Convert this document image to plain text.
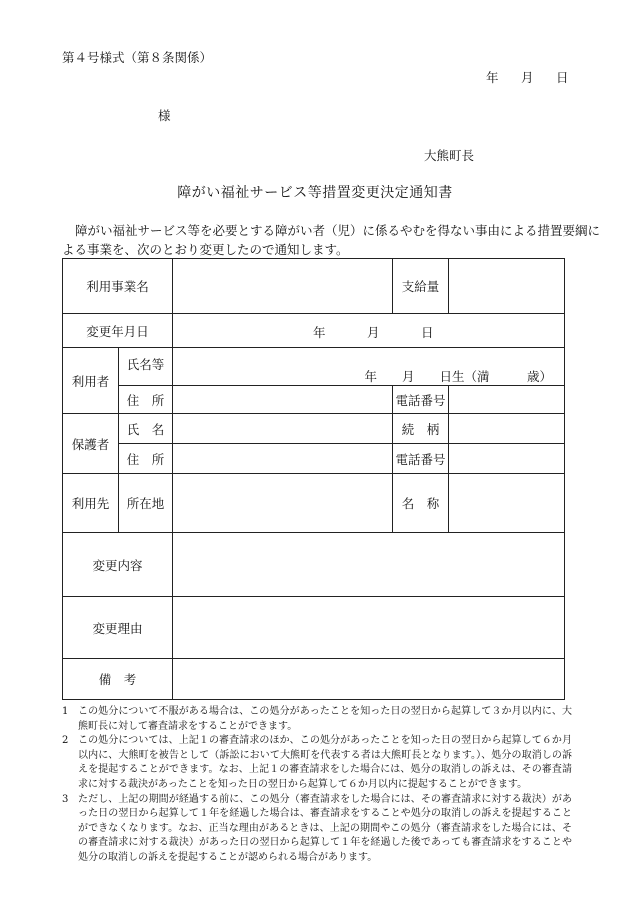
第４号様式（第８条関係）
年 月 日
様
大熊町長
障がい福祉サービス等措置変更決定通知書
障がい福祉サービス等を必要とする障がい者（児）に係るやむを得ない事由による措置要綱に
よる事業を、次のとおり変更したので通知します。
利用事業名			支給量	
変更年月日		年 月 日		

利用者	氏名等	年　　月　　日生（満　　　歳）		

	住　所		電話番号	
保護者	氏　名		続　柄	
	住　所		電話番号	
利用先	所在地		名　称	
変更内容				
変更理由				
備　考				
1 この処分について不服がある場合は、この処分があったことを知った日の翌日から起算して３か月以内に、大熊町長に対して審査請求をすることができます。
2 この処分については、上記１の審査請求のほか、この処分があったことを知った日の翌日から起算して６か月以内に、大熊町を被告として（訴訟において大熊町を代表する者は大熊町長となります。）、処分の取消しの訴えを提起することができます。なお、上記１の審査請求をした場合には、処分の取消しの訴えは、その審査請求に対する裁決があったことを知った日の翌日から起算して６か月以内に提起することができます。
3 ただし、上記の期間が経過する前に、この処分（審査請求をした場合には、その審査請求に対する裁決）があった日の翌日から起算して１年を経過した場合は、審査請求をすることや処分の取消しの訴えを提起することができなくなります。なお、正当な理由があるときは、上記の期間やこの処分（審査請求をした場合には、その審査請求に対する裁決）があった日の翌日から起算して１年を経過した後であっても審査請求をすることや処分の取消しの訴えを提起することが認められる場合があります。
